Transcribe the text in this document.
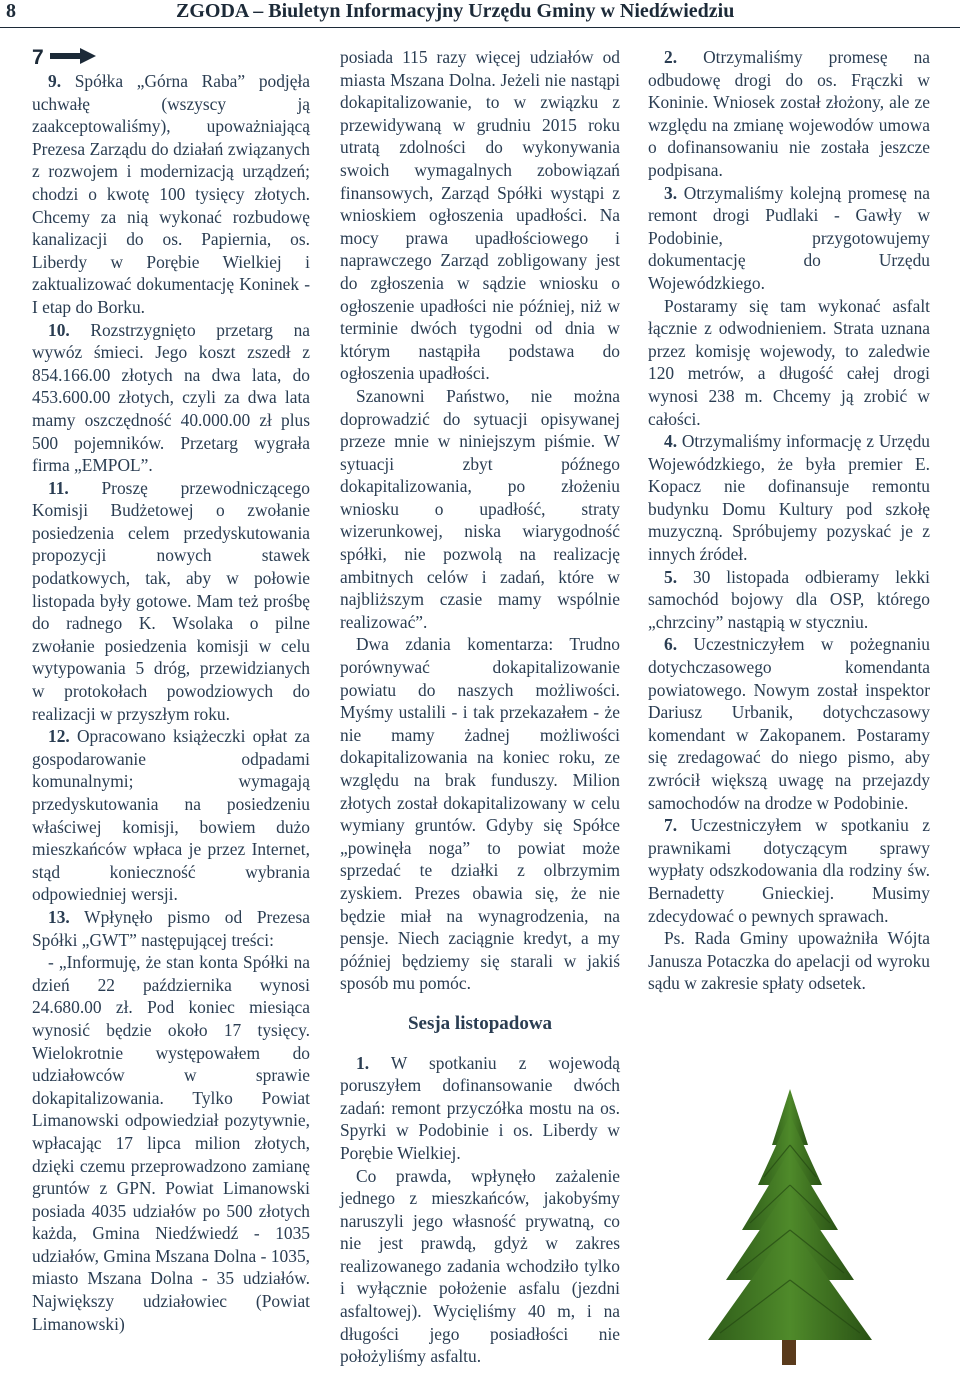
8	ZGODA – Biuletyn Informacyjny Urzędu Gminy w Niedźwiedziu
7

9. Spółka „Górna Raba” podjęła uchwałę (wszyscy ją zaakceptowaliśmy), upoważniającą Prezesa Zarządu do działań związanych z rozwojem i modernizacją urządzeń; chodzi o kwotę 100 tysięcy złotych. Chcemy za nią wykonać rozbudowę kanalizacji do os. Papiernia, os. Liberdy w Porębie Wielkiej i zaktualizować dokumentację Koninek - I etap do Borku.

10. Rozstrzygnięto przetarg na wywóz śmieci. Jego koszt zszedł z 854.166.00 złotych na dwa lata, do 453.600.00 złotych, czyli za dwa lata mamy oszczędność 40.000.00 zł plus 500 pojemników. Przetarg wygrała firma „EMPOL”.

11. Proszę przewodniczącego Komisji Budżetowej o zwołanie posiedzenia celem przedyskutowania propozycji nowych stawek podatkowych, tak, aby w połowie listopada były gotowe. Mam też prośbę do radnego K. Wsolaka o pilne zwołanie posiedzenia komisji w celu wytypowania 5 dróg, przewidzianych w protokołach powodziowych do realizacji w przyszłym roku.

12. Opracowano książeczki opłat za gospodarowanie odpadami komunalnymi; wymagają przedyskutowania na posiedzeniu właściwej komisji, bowiem dużo mieszkańców wpłaca je przez Internet, stąd konieczność wybrania odpowiedniej wersji.

13. Wpłynęło pismo od Prezesa Spółki „GWT” następującej treści:

- „Informuję, że stan konta Spółki na dzień 22 października wynosi 24.680.00 zł. Pod koniec miesiąca wynosić będzie około 17 tysięcy. Wielokrotnie występowałem do udziałowców w sprawie dokapitalizowania. Tylko Powiat Limanowski odpowiedział pozytywnie, wpłacając 17 lipca milion złotych, dzięki czemu przeprowadzono zamianę gruntów z GPN. Powiat Limanowski posiada 4035 udziałów po 500 złotych każda, Gmina Niedźwiedź - 1035 udziałów, Gmina Mszana Dolna - 1035, miasto Mszana Dolna - 35 udziałów. Największy udziałowiec (Powiat Limanowski)

posiada 115 razy więcej udziałów od miasta Mszana Dolna. Jeżeli nie nastąpi dokapitalizowanie, to w związku z przewidywaną w grudniu 2015 roku utratą zdolności do wykonywania swoich wymagalnych zobowiązań finansowych, Zarząd Spółki wystąpi z wnioskiem ogłoszenia upadłości. Na mocy prawa upadłościowego i naprawczego Zarząd zobligowany jest do zgłoszenia w sądzie wniosku o ogłoszenie upadłości nie później, niż w terminie dwóch tygodni od dnia w którym nastąpiła podstawa do ogłoszenia upadłości.

Szanowni Państwo, nie można doprowadzić do sytuacji opisywanej przeze mnie w niniejszym piśmie. W sytuacji zbyt późnego dokapitalizowania, po złożeniu wniosku o upadłość, straty wizerunkowej, niska wiarygodność spółki, nie pozwolą na realizację ambitnych celów i zadań, które w najbliższym czasie mamy wspólnie realizować”.

Dwa zdania komentarza: Trudno porównywać dokapitalizowanie powiatu do naszych możliwości. Myśmy ustalili - i tak przekazałem - że nie mamy żadnej możliwości dokapitalizowania na koniec roku, ze względu na brak funduszy. Milion złotych został dokapitalizowany w celu wymiany gruntów. Gdyby się Spółce „powinęła noga” to powiat może sprzedać te działki z olbrzymim zyskiem. Prezes obawia się, że nie będzie miał na wynagrodzenia, na pensje. Niech zaciągnie kredyt, a my później będziemy się starali w jakiś sposób mu pomóc.

Sesja listopadowa

1. W spotkaniu z wojewodą poruszyłem dofinansowanie dwóch zadań: remont przyczółka mostu na os. Spyrki w Podobinie i os. Liberdy w Porębie Wielkiej.

Co prawda, wpłynęło zażalenie jednego z mieszkańców, jakobyśmy naruszyli jego własność prywatną, co nie jest prawdą, gdyż w zakres realizowanego zadania wchodziło tylko i wyłącznie położenie asfalu (jezdni asfaltowej). Wycięliśmy 40 m, i na długości jego posiadłości nie położyliśmy asfaltu.

2. Otrzymaliśmy promesę na odbudowę drogi do os. Frączki w Koninie. Wniosek został złożony, ale ze względu na zmianę wojewodów umowa o dofinansowaniu nie została jeszcze podpisana.

3. Otrzymaliśmy kolejną promesę na remont drogi Pudlaki - Gawły w Podobinie, przygotowujemy dokumentację do Urzędu Wojewódzkiego.

Postaramy się tam wykonać asfalt łącznie z odwodnieniem. Strata uznana przez komisję wojewody, to zaledwie 120 metrów, a długość całej drogi wynosi 238 m. Chcemy ją zrobić w całości.

4. Otrzymaliśmy informację z Urzędu Wojewódzkiego, że była premier E. Kopacz nie dofinansuje remontu budynku Domu Kultury pod szkołę muzyczną. Spróbujemy pozyskać je z innych źródeł.

5. 30 listopada odbieramy lekki samochód bojowy dla OSP, którego „chrzciny” nastąpią w styczniu.

6. Uczestniczyłem w pożegnaniu dotychczasowego komendanta powiatowego. Nowym został inspektor Dariusz Urbanik, dotychczasowy komendant w Zakopanem. Postaramy się zredagować do niego pismo, aby zwrócił większą uwagę na przejazdy samochodów na drodze w Podobinie.

7. Uczestniczyłem w spotkaniu z prawnikami dotyczącym sprawy wypłaty odszkodowania dla rodziny św. Bernadetty Gnieckiej. Musimy zdecydować o pewnych sprawach.

Ps. Rada Gminy upoważniła Wójta Janusza Potaczka do apelacji od wyroku sądu w zakresie spłaty odsetek.
